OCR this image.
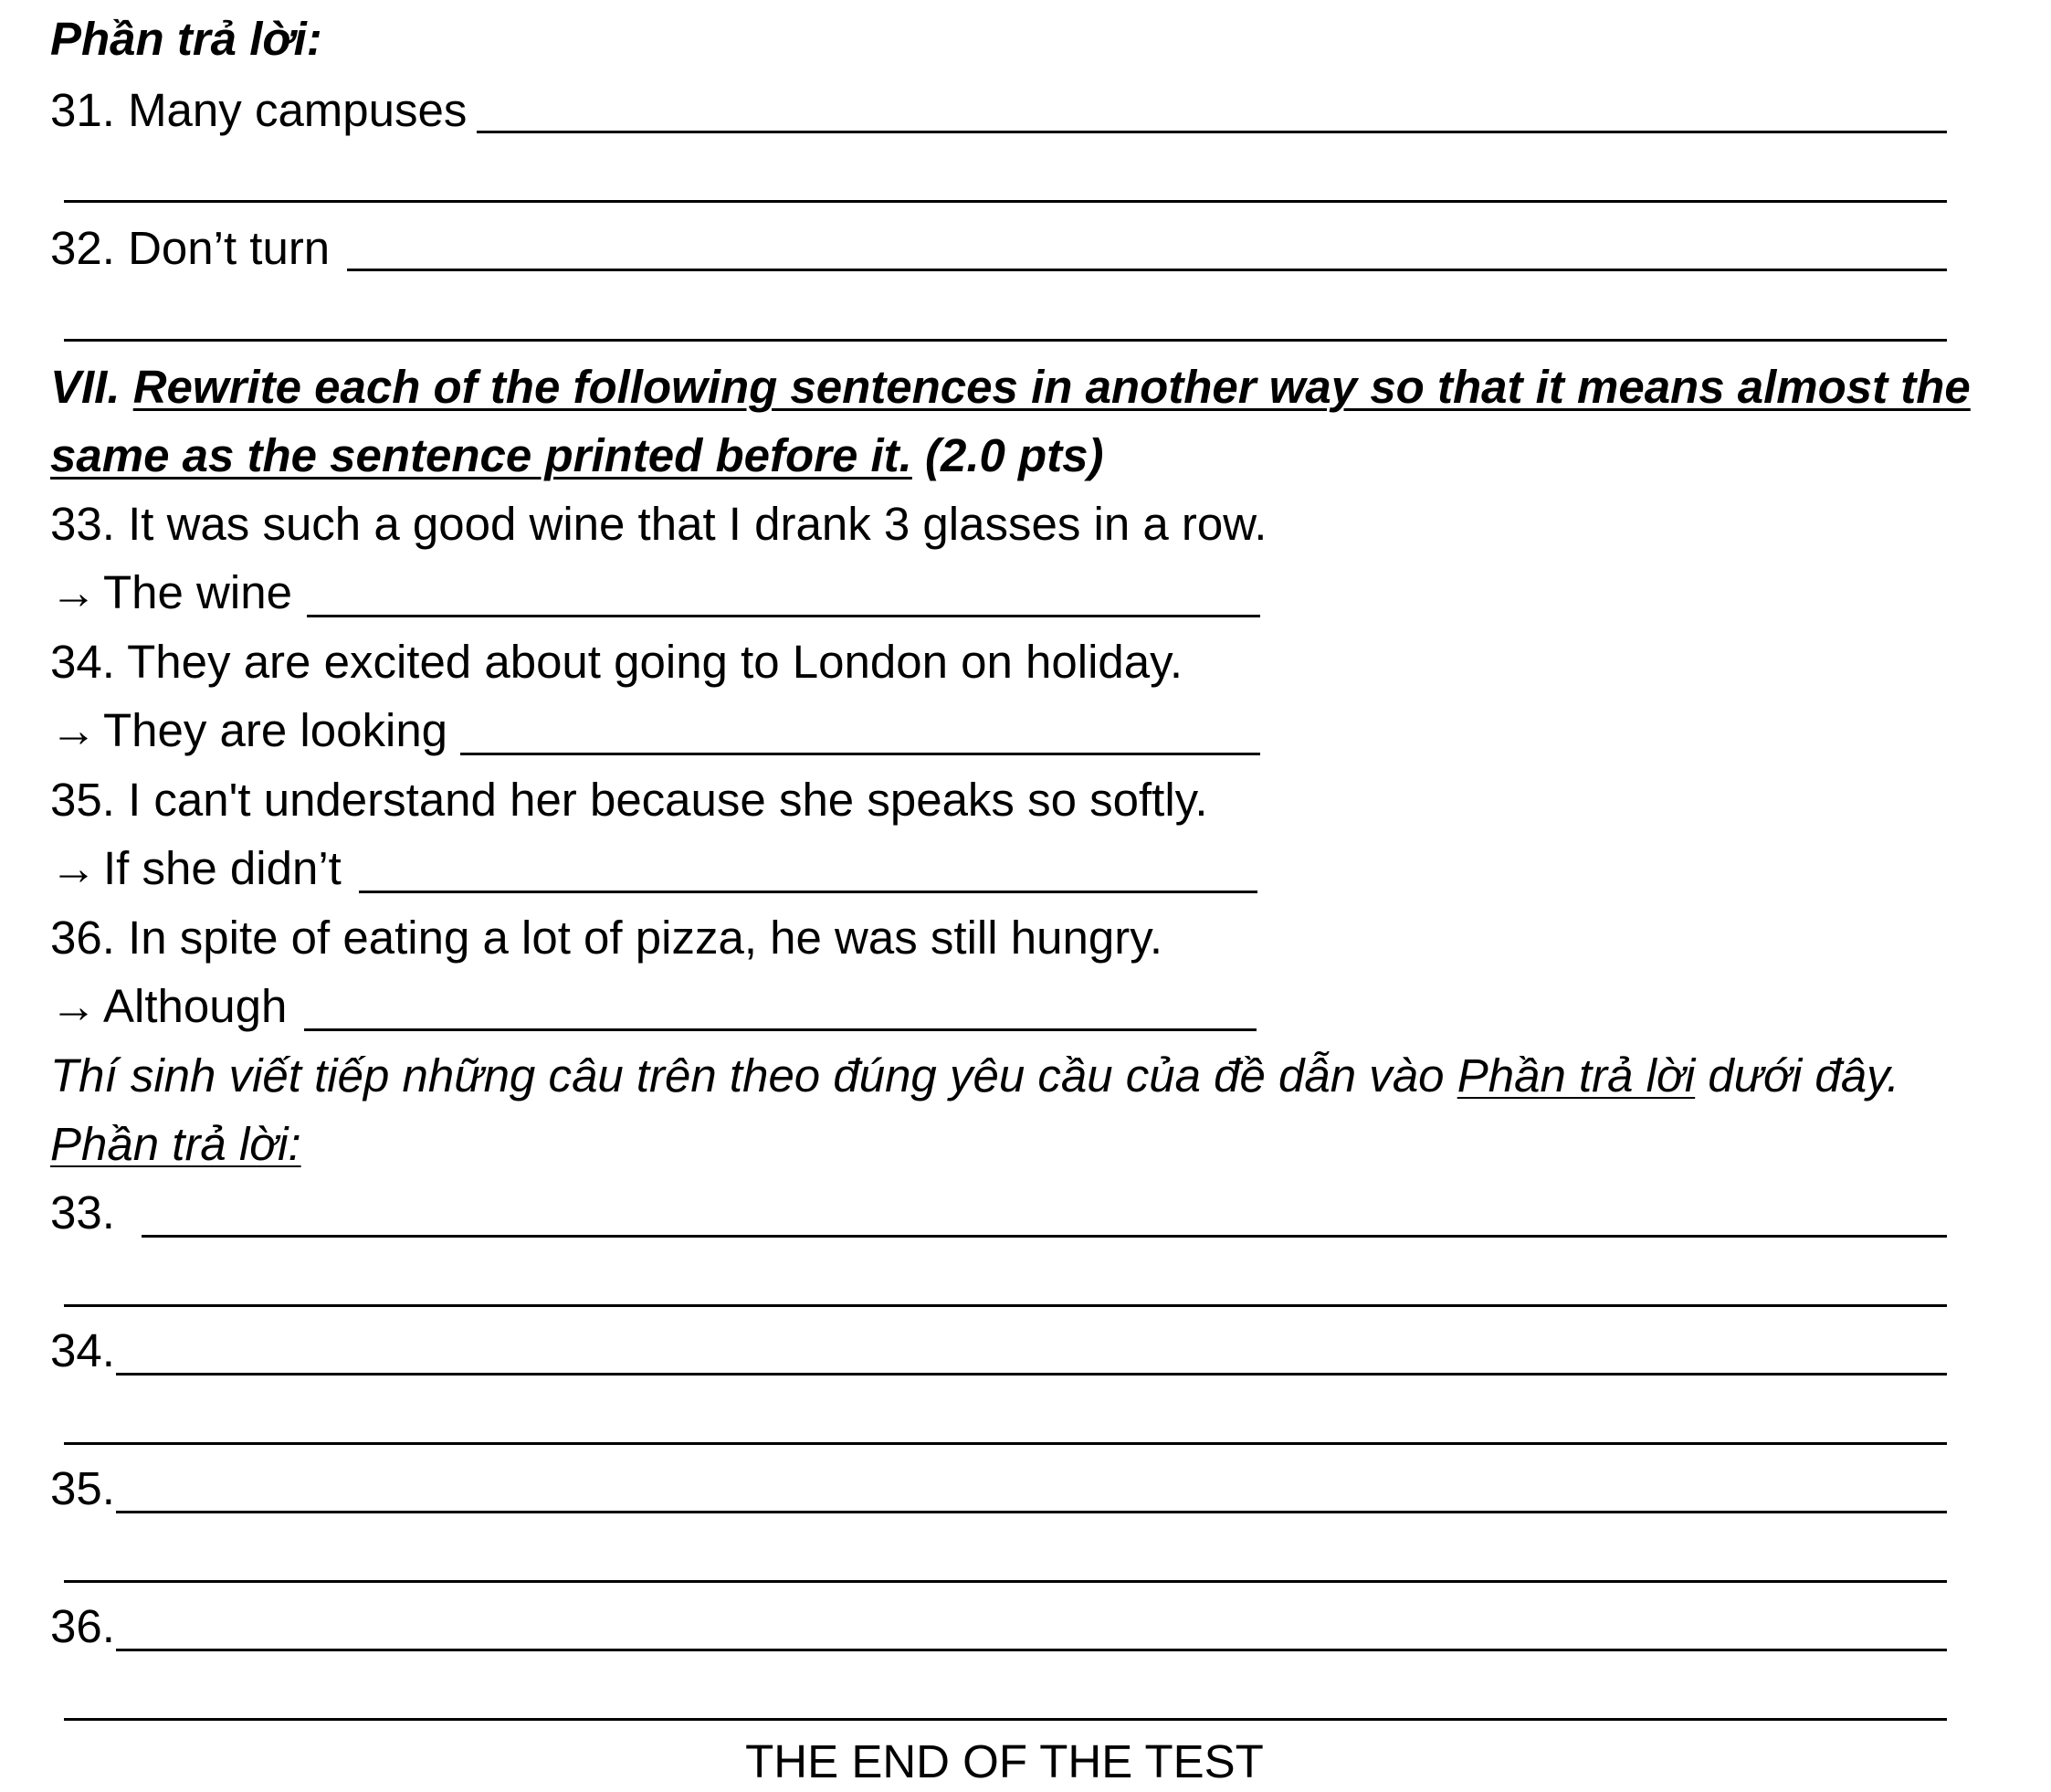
Phần trả lời:
31. Many campuses
32. Don’t turn
VII. Rewrite each of the following sentences in another way so that it means almost the
same as the sentence printed before it. (2.0 pts)
33. It was such a good wine that I drank 3 glasses in a row.
→ The wine
34. They are excited about going to London on holiday.
→ They are looking
35. I can't understand her because she speaks so softly.
→ If she didn’t
36. In spite of eating a lot of pizza, he was still hungry.
→ Although
Thí sinh viết tiếp những câu trên theo đúng yêu cầu của đề dẫn vào Phần trả lời dưới đây.
Phần trả lời:
33.
34.
35.
36.
THE END OF THE TEST
